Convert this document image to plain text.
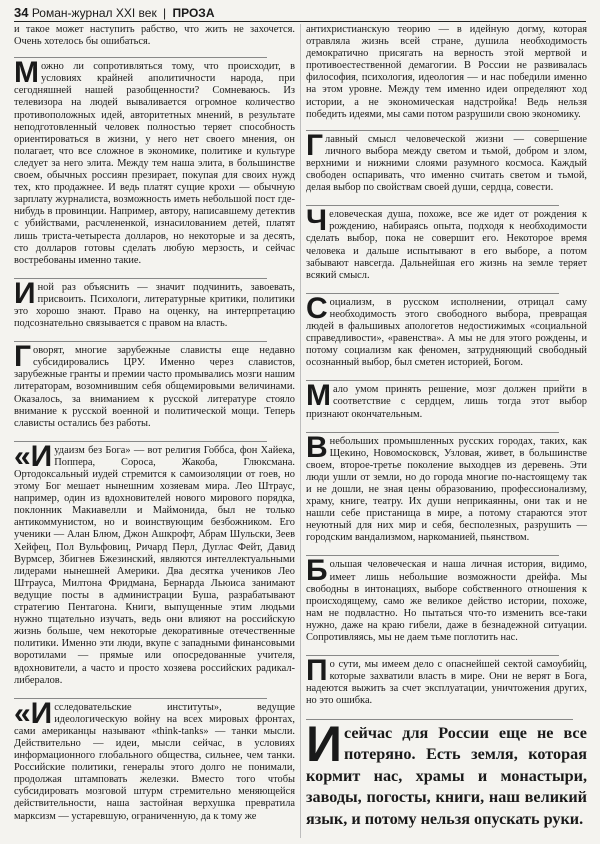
34 Роман-журнал XXI век | ПРОЗА

и такое может наступить рабство, что жить не захочется. Очень хотелось бы ошибаться.

Можно ли сопротивляться тому, что происходит, в условиях крайней аполитичности народа, при сегодняшней нашей разобщенности? Сомневаюсь. Из телевизора на людей вываливается огромное количество противоположных идей, авторитетных мнений, в результате неподготовленный человек полностью теряет способность ориентироваться в жизни, у него нет своего мнения, он полагает, что все сложное в экономике, политике и культуре следует за него элита. Между тем наша элита, в большинстве своем, обычных россиян презирает, покупая для своих нужд тех, кто продажнее. И ведь платят сущие крохи — обычную зарплату журналиста, возможность иметь небольшой пост где-нибудь в провинции. Например, автору, написавшему детектив с убийствами, расчлененкой, изнасилованием детей, платят лишь триста-четыреста долларов, но некоторые и за десять, сто долларов готовы сделать любую мерзость, и сейчас востребованы именно такие.

Иной раз объяснить — значит подчинить, завоевать, присвоить. Психологи, литературные критики, политики это хорошо знают. Право на оценку, на интерпретацию подсознательно связывается с правом на власть.

Говорят, многие зарубежные слависты еще недавно субсидировались ЦРУ. Именно через славистов, зарубежные гранты и премии часто промывались мозги нашим литераторам, возомнившим себя общемировыми величинами. Оказалось, за вниманием к русской литературе стояло внимание к русской военной и политической мощи. Теперь слависты остались без работы.

«Иудаизм без Бога» — вот религия Гоббса, фон Хайека, Поппера, Сороса, Жакоба, Глюксмана. Ортодоксальный иудей стремится к самоизоляции от гоев, но этому Бог мешает нынешним хозяевам мира. Лео Штраус, например, один из вдохновителей нового мирового порядка, поклонник Макиавелли и Маймонида, был не только антикоммунистом, но и воинствующим безбожником. Его ученики — Алан Блюм, Джон Ашкрофт, Абрам Шульски, Зеев Хейфец, Пол Вульфовиц, Ричард Перл, Дуглас Фейт, Давид Вурмсер, Збигнев Бжезинский, являются интеллектуальными лидерами нынешней Америки. Два десятка учеников Лео Штрауса, Милтона Фридмана, Бернарда Льюиса занимают ведущие посты в администрации Буша, разрабатывают стратегию Пентагона. Книги, выпущенные этим людьми нужно тщательно изучать, ведь они влияют на российскую жизнь больше, чем некоторые декоративные отечественные политики. Именно эти люди, вкупе с западными финансовыми воротилами — прямые или опосредованные учителя, вдохновители, а часто и просто хозяева российских радикал-либералов.

«Исследовательские институты», ведущие идеологическую войну на всех мировых фронтах, сами американцы называют «think-tanks» — танки мысли. Действительно — идеи, мысли сейчас, в условиях информационного глобального общества, сильнее, чем танки. Российские политики, генералы этого долго не понимали, продолжая штамповать железки. Вместо того чтобы субсидировать мозговой штурм стремительно меняющейся действительности, наша застойная верхушка превратила марксизм — устаревшую, ограниченную, да к тому же

антихристианскую теорию — в идейную догму, которая отравляла жизнь всей стране, душила необходимость демократично присягать на верность этой мертвой и противоестественной демагогии. В России не развивалась философия, психология, идеология — и нас победили именно на этом уровне. Между тем именно идеи определяют ход истории, а не экономическая надстройка! Ведь нельзя победить идеями, мы сами потом разрушили свою экономику.

Главный смысл человеческой жизни — совершение личного выбора между светом и тьмой, добром и злом, верхними и нижними слоями разумного космоса. Каждый свободен оспаривать, что именно считать светом и тьмой, делая выбор по свойствам своей души, сердца, совести.

Человеческая душа, похоже, все же идет от рождения к рождению, набираясь опыта, подходя к необходимости сделать выбор, пока не совершит его. Некоторое время человека и дальше испытывают в его выборе, а потом забывают навсегда. Дальнейшая его жизнь на земле теряет всякий смысл.

Социализм, в русском исполнении, отрицал саму необходимость этого свободного выбора, превращая людей в фальшивых апологетов недостижимых «социальной справедливости», «равенства». А мы не для этого рождены, и потому социализм как феномен, затрудняющий свободный осознанный выбор, был сметен историей, Богом.

Мало умом принять решение, мозг должен прийти в соответствие с сердцем, лишь тогда этот выбор признают окончательным.

Внебольших промышленных русских городах, таких, как Щекино, Новомосковск, Узловая, живет, в большинстве своем, второе-третье поколение выходцев из деревень. Эти люди ушли от земли, но до города многие по-настоящему так и не дошли, не зная цены образованию, профессионализму, храму, книге, театру. Их души неприкаянны, они так и не нашли себе пристанища в мире, а потому стараются этот неуютный для них мир и себя, бесполезных, разрушить — городским вандализмом, наркоманией, пьянством.

Большая человеческая и наша личная история, видимо, имеет лишь небольшие возможности дрейфа. Мы свободны в интонациях, выборе собственного отношения к происходящему, само же великое действо истории, похоже, нам не подвластно. Но пытаться что-то изменить все-таки нужно, даже на краю гибели, даже в безнадежной ситуации. Сопротивляясь, мы не даем тьме поглотить нас.

По сути, мы имеем дело с опаснейшей сектой самоубийц, которые захватили власть в мире. Они не верят в Бога, надеются выжить за счет эксплуатации, уничтожения других, но это ошибка.

Исейчас для России еще не все потеряно. Есть земля, которая кормит нас, храмы и монастыри, заводы, погосты, книги, наш великий язык, и потому нельзя опускать руки.
